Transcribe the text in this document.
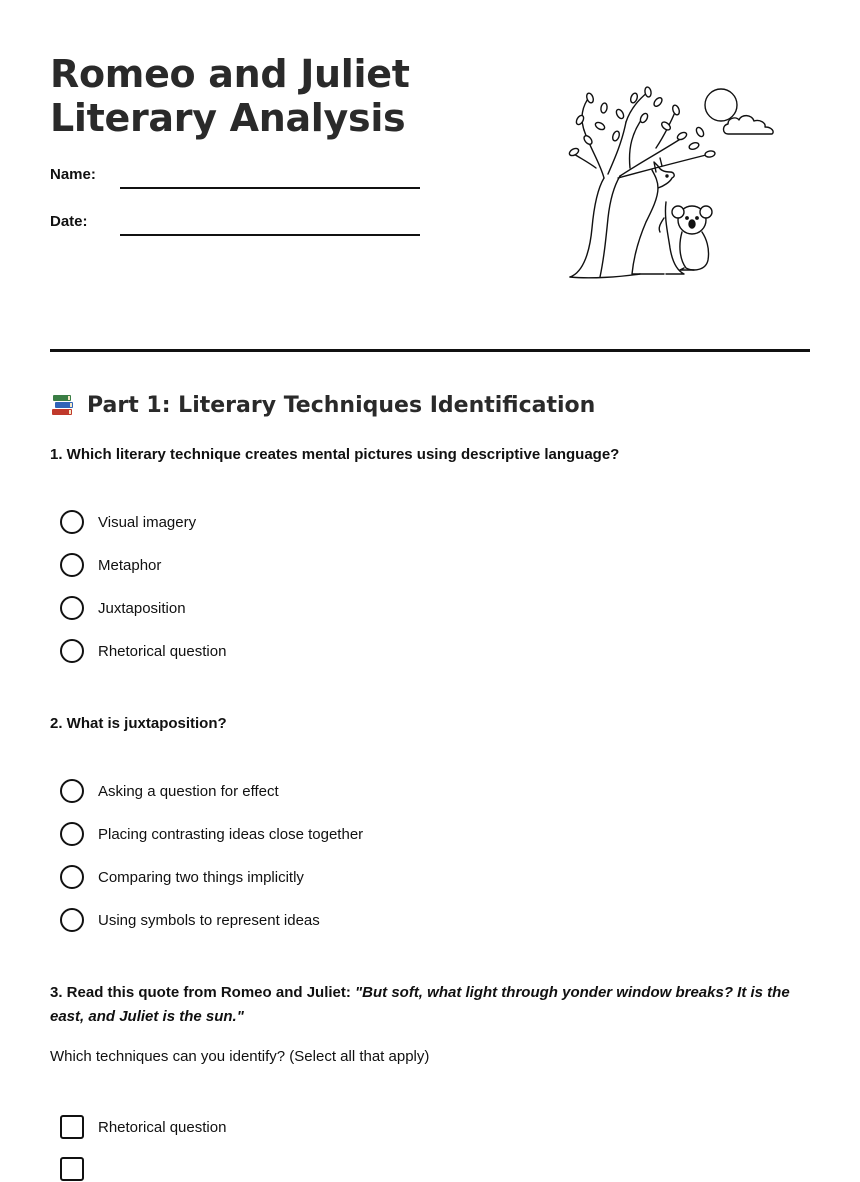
Romeo and Juliet
Literary Analysis
Name:
Date:
Part 1: Literary Techniques Identification
1. Which literary technique creates mental pictures using descriptive language?
Visual imagery
Metaphor
Juxtaposition
Rhetorical question
2. What is juxtaposition?
Asking a question for effect
Placing contrasting ideas close together
Comparing two things implicitly
Using symbols to represent ideas
3. Read this quote from Romeo and Juliet: "But soft, what light through yonder window breaks? It is the east, and Juliet is the sun."
Which techniques can you identify? (Select all that apply)
Rhetorical question
